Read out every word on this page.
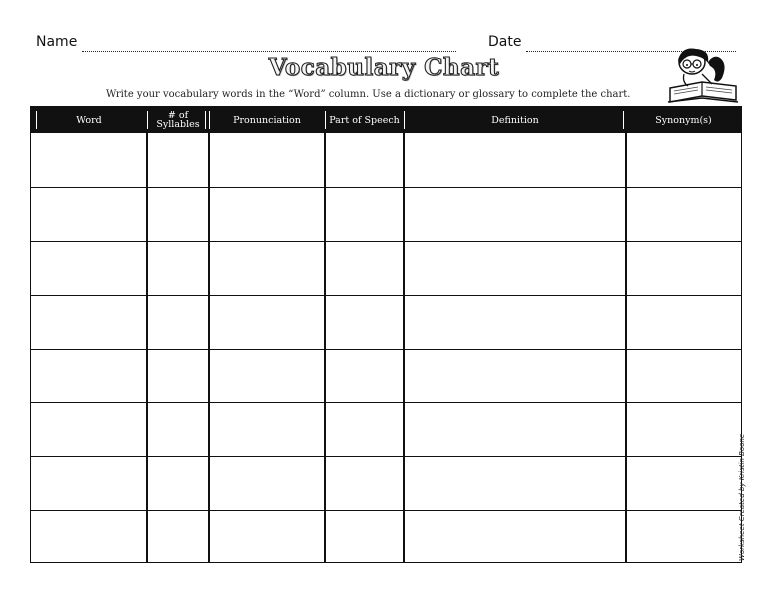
Name	Date
Vocabulary Chart
Write your vocabulary words in the “Word” column. Use a dictionary or glossary to complete the chart.
Word	# of Syllables	Pronunciation	Part of Speech	Definition	Synonym(s)
Worksheet Created by Kristin Boone
